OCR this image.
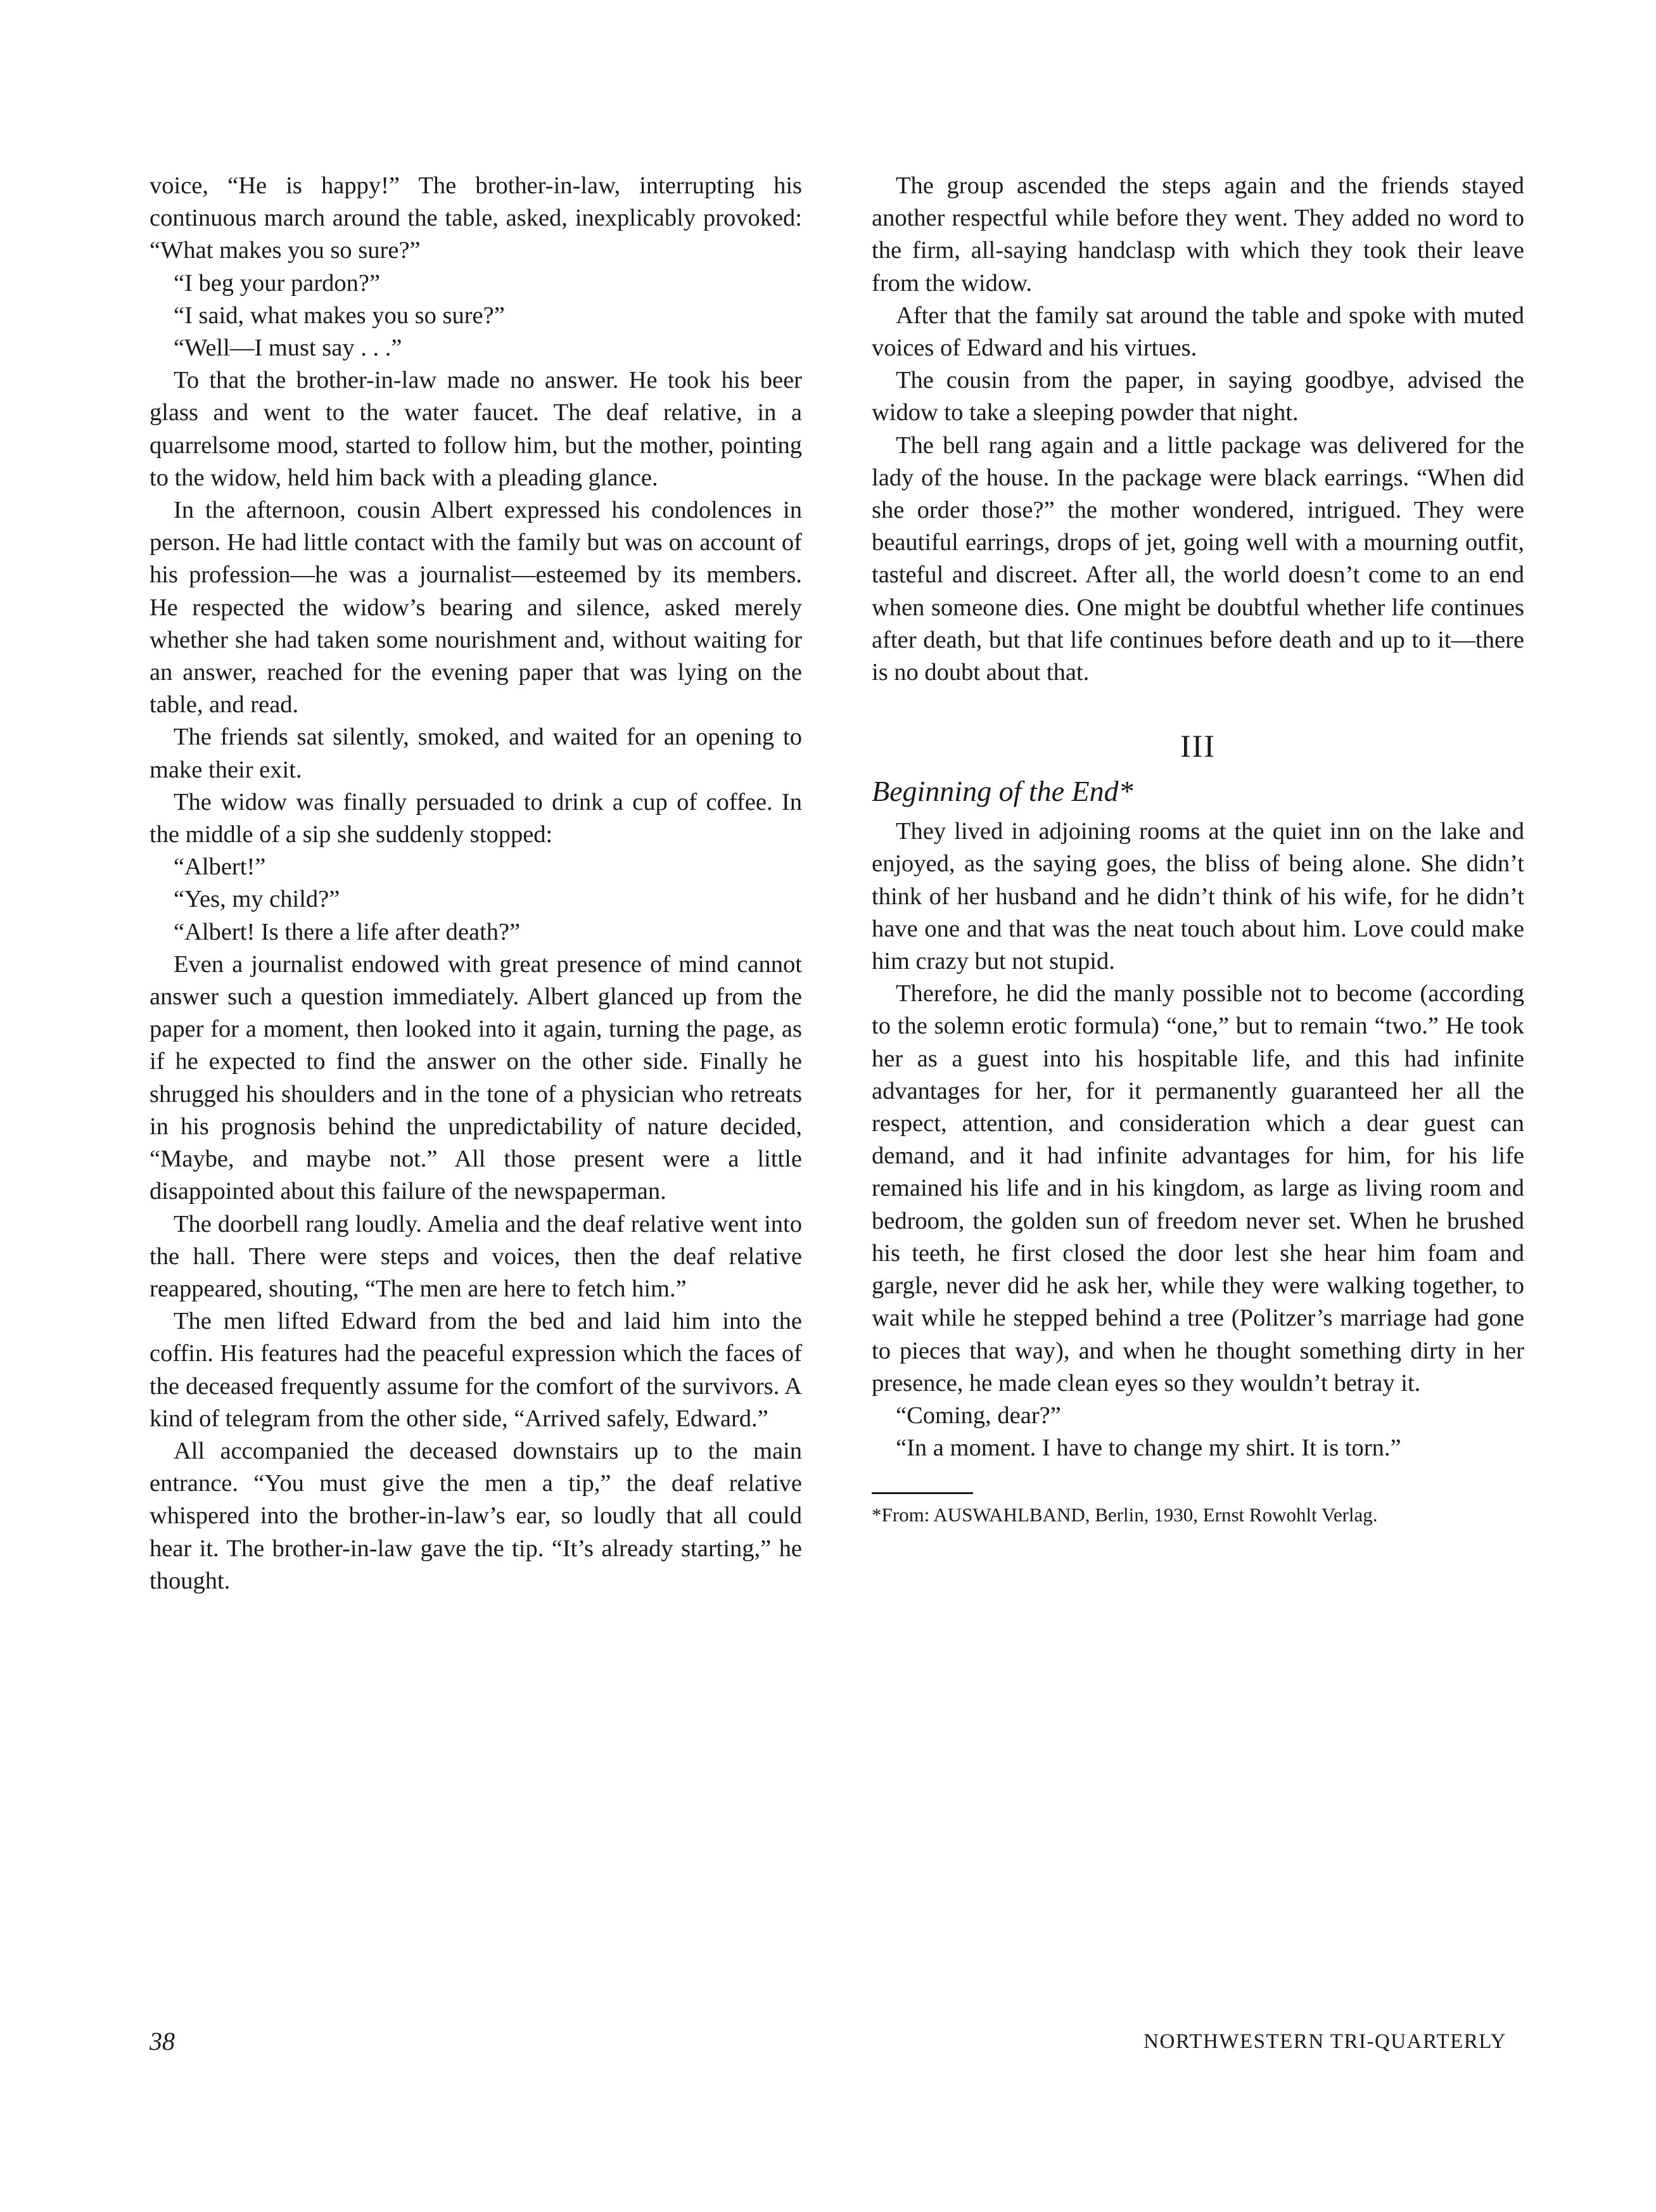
voice, “He is happy!” The brother-in-law, interrupting his continuous march around the table, asked, inexplicably provoked: “What makes you so sure?”

“I beg your pardon?”

“I said, what makes you so sure?”

“Well—I must say . . .”

To that the brother-in-law made no answer. He took his beer glass and went to the water faucet. The deaf relative, in a quarrelsome mood, started to follow him, but the mother, pointing to the widow, held him back with a pleading glance.

In the afternoon, cousin Albert expressed his condolences in person. He had little contact with the family but was on account of his profession—he was a journalist—esteemed by its members. He respected the widow’s bearing and silence, asked merely whether she had taken some nourishment and, without waiting for an answer, reached for the evening paper that was lying on the table, and read.

The friends sat silently, smoked, and waited for an opening to make their exit.

The widow was finally persuaded to drink a cup of coffee. In the middle of a sip she suddenly stopped:

“Albert!”

“Yes, my child?”

“Albert! Is there a life after death?”

Even a journalist endowed with great presence of mind cannot answer such a question immediately. Albert glanced up from the paper for a moment, then looked into it again, turning the page, as if he expected to find the answer on the other side. Finally he shrugged his shoulders and in the tone of a physician who retreats in his prognosis behind the unpredictability of nature decided, “Maybe, and maybe not.” All those present were a little disappointed about this failure of the newspaperman.

The doorbell rang loudly. Amelia and the deaf relative went into the hall. There were steps and voices, then the deaf relative reappeared, shouting, “The men are here to fetch him.”

The men lifted Edward from the bed and laid him into the coffin. His features had the peaceful expression which the faces of the deceased frequently assume for the comfort of the survivors. A kind of telegram from the other side, “Arrived safely, Edward.”

All accompanied the deceased downstairs up to the main entrance. “You must give the men a tip,” the deaf relative whispered into the brother-in-law’s ear, so loudly that all could hear it. The brother-in-law gave the tip. “It’s already starting,” he thought.

The group ascended the steps again and the friends stayed another respectful while before they went. They added no word to the firm, all-saying handclasp with which they took their leave from the widow.

After that the family sat around the table and spoke with muted voices of Edward and his virtues.

The cousin from the paper, in saying goodbye, advised the widow to take a sleeping powder that night.

The bell rang again and a little package was delivered for the lady of the house. In the package were black earrings. “When did she order those?” the mother wondered, intrigued. They were beautiful earrings, drops of jet, going well with a mourning outfit, tasteful and discreet. After all, the world doesn’t come to an end when someone dies. One might be doubtful whether life continues after death, but that life continues before death and up to it—there is no doubt about that.

III
Beginning of the End*

They lived in adjoining rooms at the quiet inn on the lake and enjoyed, as the saying goes, the bliss of being alone. She didn’t think of her husband and he didn’t think of his wife, for he didn’t have one and that was the neat touch about him. Love could make him crazy but not stupid.

Therefore, he did the manly possible not to become (according to the solemn erotic formula) “one,” but to remain “two.” He took her as a guest into his hospitable life, and this had infinite advantages for her, for it permanently guaranteed her all the respect, attention, and consideration which a dear guest can demand, and it had infinite advantages for him, for his life remained his life and in his kingdom, as large as living room and bedroom, the golden sun of freedom never set. When he brushed his teeth, he first closed the door lest she hear him foam and gargle, never did he ask her, while they were walking together, to wait while he stepped behind a tree (Politzer’s marriage had gone to pieces that way), and when he thought something dirty in her presence, he made clean eyes so they wouldn’t betray it.

“Coming, dear?”

“In a moment. I have to change my shirt. It is torn.”

*From: AUSWAHLBAND, Berlin, 1930, Ernst Rowohlt Verlag.
38	NORTHWESTERN TRI-QUARTERLY
